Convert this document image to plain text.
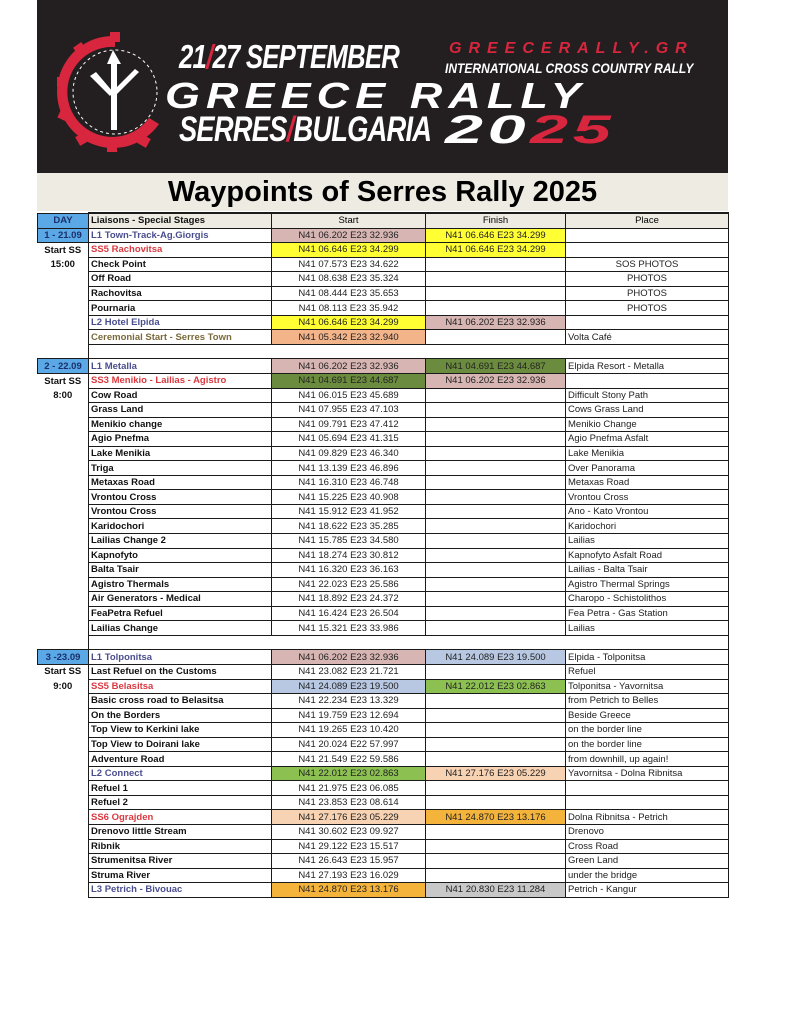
21/27 SEPTEMBER	GREECERALLY.GR
INTERNATIONAL CROSS COUNTRY RALLY
GREECE RALLY
SERRES/BULGARIA 2025
Waypoints of Serres Rally 2025
DAY	Liaisons - Special Stages	Start	Finish	Place
1 - 21.09	L1 Town-Track-Ag.Giorgis	N41 06.202 E23 32.936	N41 06.646 E23 34.299	
Start SS	SS5 Rachovitsa	N41 06.646 E23 34.299	N41 06.646 E23 34.299	
15:00	Check Point	N41 07.573 E23 34.622		SOS PHOTOS
	Off Road	N41 08.638 E23 35.324		PHOTOS
	Rachovitsa	N41 08.444 E23 35.653		PHOTOS
	Pournaria	N41 08.113 E23 35.942		PHOTOS
	L2 Hotel Elpida	N41 06.646 E23 34.299	N41 06.202 E23 32.936	
	Ceremonial Start - Serres Town	N41 05.342 E23 32.940		Volta Café

2 - 22.09	L1 Metalla	N41 06.202 E23 32.936	N41 04.691 E23 44.687	Elpida Resort - Metalla
Start SS	SS3 Menikio - Lailias - Agistro	N41 04.691 E23 44.687	N41 06.202 E23 32.936	
8:00	Cow Road	N41 06.015 E23 45.689		Difficult Stony Path
	Grass Land	N41 07.955 E23 47.103		Cows Grass Land
	Menikio change	N41 09.791 E23 47.412		Menikio Change
	Agio Pnefma	N41 05.694 E23 41.315		Agio Pnefma Asfalt
	Lake Menikia	N41 09.829 E23 46.340		Lake Menikia
	Triga	N41 13.139 E23 46.896		Over Panorama
	Metaxas Road	N41 16.310 E23 46.748		Metaxas Road
	Vrontou Cross	N41 15.225 E23 40.908		Vrontou Cross
	Vrontou Cross	N41 15.912 E23 41.952		Ano - Kato Vrontou
	Karidochori	N41 18.622 E23 35.285		Karidochori
	Lailias Change 2	N41 15.785 E23 34.580		Lailias
	Kapnofyto	N41 18.274 E23 30.812		Kapnofyto Asfalt Road
	Balta Tsair	N41 16.320 E23 36.163		Lailias - Balta Tsair
	Agistro Thermals	N41 22.023 E23 25.586		Agistro Thermal Springs
	Air Generators - Medical	N41 18.892 E23 24.372		Charopo - Schistolithos
	FeaPetra Refuel	N41 16.424 E23 26.504		Fea Petra - Gas Station
	Lailias Change	N41 15.321 E23 33.986		Lailias

3 -23.09	L1 Tolponitsa	N41 06.202 E23 32.936	N41 24.089 E23 19.500	Elpida - Tolponitsa
Start SS	Last Refuel on the Customs	N41 23.082 E23 21.721		Refuel
9:00	SS5 Belasitsa	N41 24.089 E23 19.500	N41 22.012 E23 02.863	Tolponitsa - Yavornitsa
	Basic cross road to Belasitsa	N41 22.234 E23 13.329		from Petrich to Belles
	On the Borders	N41 19.759 E23 12.694		Beside Greece
	Top View to Kerkini lake	N41 19.265 E23 10.420		on the border line
	Top View to Doirani lake	N41 20.024 E22 57.997		on the border line
	Adventure Road	N41 21.549 E22 59.586		from downhill, up again!
	L2 Connect	N41 22.012 E23 02.863	N41 27.176 E23 05.229	Yavornitsa - Dolna Ribnitsa
	Refuel 1	N41 21.975 E23 06.085		
	Refuel 2	N41 23.853 E23 08.614		
	SS6 Ograjden	N41 27.176 E23 05.229	N41 24.870 E23 13.176	Dolna Ribnitsa - Petrich
	Drenovo little Stream	N41 30.602 E23 09.927		Drenovo
	Ribnik	N41 29.122 E23 15.517		Cross Road
	Strumenitsa River	N41 26.643 E23 15.957		Green Land
	Struma River	N41 27.193 E23 16.029		under the bridge
	L3 Petrich - Bivouac	N41 24.870 E23 13.176	N41 20.830 E23 11.284	Petrich - Kangur
